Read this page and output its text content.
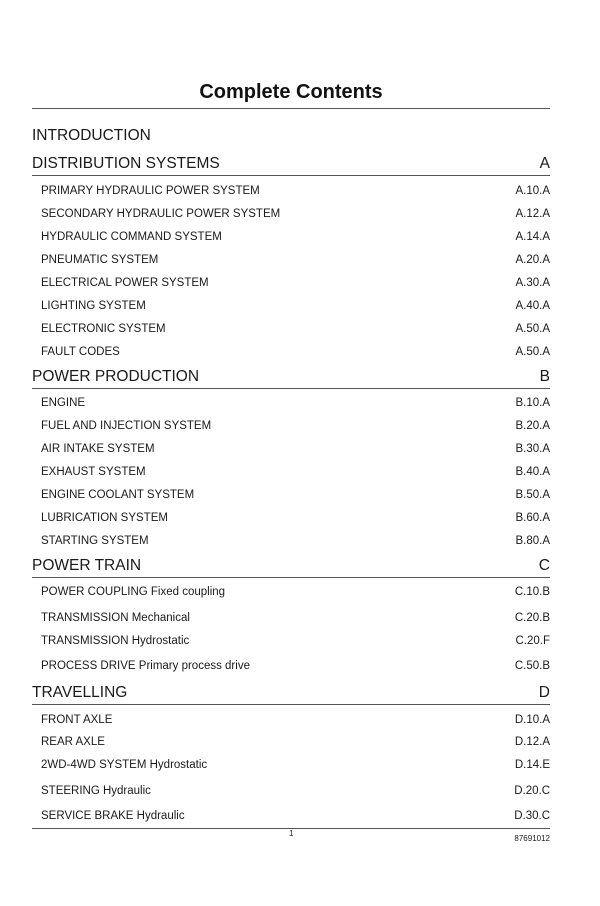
Complete Contents
INTRODUCTION
DISTRIBUTION SYSTEMS	A
PRIMARY HYDRAULIC POWER SYSTEM	A.10.A
SECONDARY HYDRAULIC POWER SYSTEM	A.12.A
HYDRAULIC COMMAND SYSTEM	A.14.A
PNEUMATIC SYSTEM	A.20.A
ELECTRICAL POWER SYSTEM	A.30.A
LIGHTING SYSTEM	A.40.A
ELECTRONIC SYSTEM	A.50.A
FAULT CODES	A.50.A
POWER PRODUCTION	B
ENGINE	B.10.A
FUEL AND INJECTION SYSTEM	B.20.A
AIR INTAKE SYSTEM	B.30.A
EXHAUST SYSTEM	B.40.A
ENGINE COOLANT SYSTEM	B.50.A
LUBRICATION SYSTEM	B.60.A
STARTING SYSTEM	B.80.A
POWER TRAIN	C
POWER COUPLING Fixed coupling	C.10.B
TRANSMISSION Mechanical	C.20.B
TRANSMISSION Hydrostatic	C.20.F
PROCESS DRIVE Primary process drive	C.50.B
TRAVELLING	D
FRONT AXLE	D.10.A
REAR AXLE	D.12.A
2WD-4WD SYSTEM Hydrostatic	D.14.E
STEERING Hydraulic	D.20.C
SERVICE BRAKE Hydraulic	D.30.C
1
87691012
